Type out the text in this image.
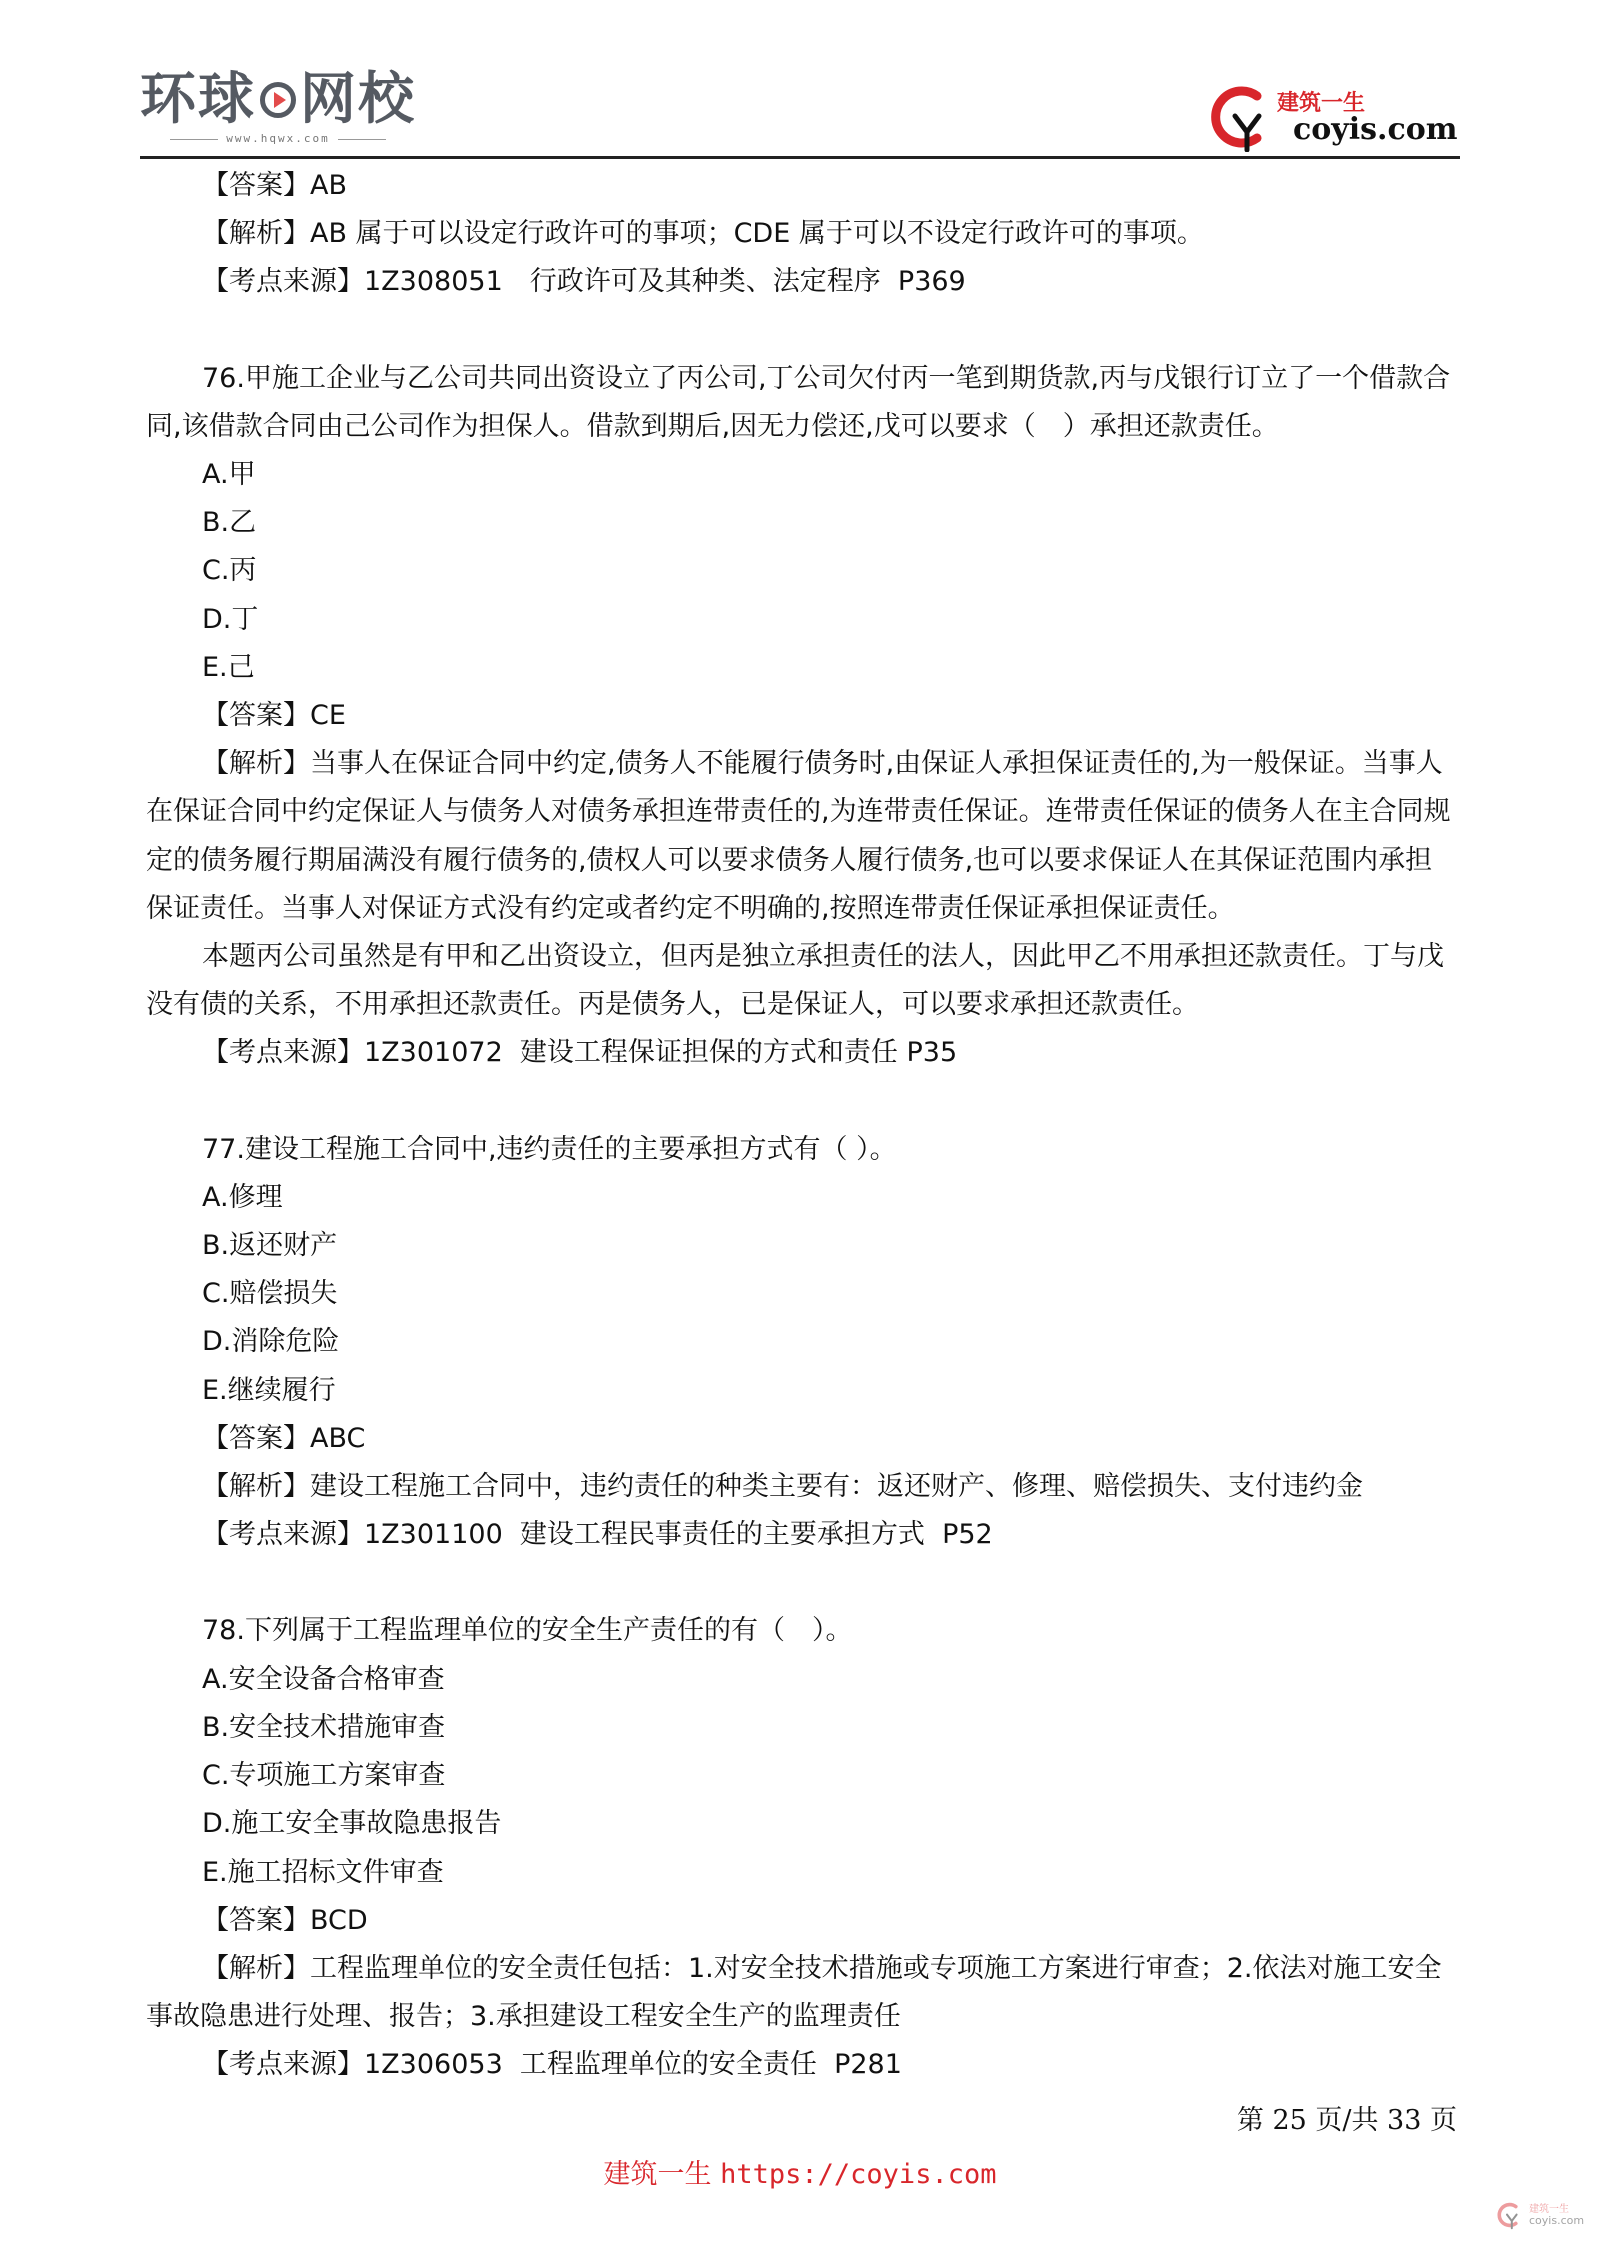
环球 网校
www.hqwx.com
建筑一生
coyis.com
【答案】AB
【解析】AB 属于可以设定行政许可的事项；CDE 属于可以不设定行政许可的事项。
【考点来源】1Z308051　行政许可及其种类、法定程序  P369
76.甲施工企业与乙公司共同出资设立了丙公司,丁公司欠付丙一笔到期货款,丙与戊银行订立了一个借款合同,该借款合同由己公司作为担保人。借款到期后,因无力偿还,戊可以要求（　）承担还款责任。
A.甲
B.乙
C.丙
D.丁
E.己
【答案】CE
【解析】当事人在保证合同中约定,债务人不能履行债务时,由保证人承担保证责任的,为一般保证。当事人在保证合同中约定保证人与债务人对债务承担连带责任的,为连带责任保证。连带责任保证的债务人在主合同规定的债务履行期届满没有履行债务的,债权人可以要求债务人履行债务,也可以要求保证人在其保证范围内承担保证责任。当事人对保证方式没有约定或者约定不明确的,按照连带责任保证承担保证责任。
本题丙公司虽然是有甲和乙出资设立，但丙是独立承担责任的法人，因此甲乙不用承担还款责任。丁与戊没有债的关系，不用承担还款责任。丙是债务人，已是保证人，可以要求承担还款责任。
【考点来源】1Z301072  建设工程保证担保的方式和责任 P35
77.建设工程施工合同中,违约责任的主要承担方式有（ ）。
A.修理
B.返还财产
C.赔偿损失
D.消除危险
E.继续履行
【答案】ABC
【解析】建设工程施工合同中，违约责任的种类主要有：返还财产、修理、赔偿损失、支付违约金
【考点来源】1Z301100  建设工程民事责任的主要承担方式  P52
78.下列属于工程监理单位的安全生产责任的有（　）。
A.安全设备合格审查
B.安全技术措施审查
C.专项施工方案审查
D.施工安全事故隐患报告
E.施工招标文件审查
【答案】BCD
【解析】工程监理单位的安全责任包括：1.对安全技术措施或专项施工方案进行审查；2.依法对施工安全事故隐患进行处理、报告；3.承担建设工程安全生产的监理责任
【考点来源】1Z306053  工程监理单位的安全责任  P281
第 25 页/共 33 页
建筑一生 https://coyis.com
建筑一生
coyis.com
